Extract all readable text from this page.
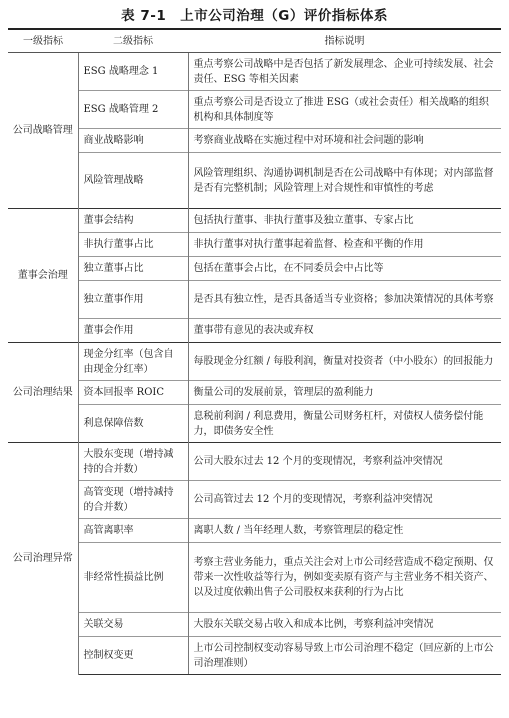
表 7-1 上市公司治理（G）评价指标体系
一级指标	二级指标	指标说明
公司战略管理	ESG 战略理念 1	重点考察公司战略中是否包括了新发展理念、企业可持续发展、社会责任、ESG 等相关因素
	ESG 战略管理 2	重点考察公司是否设立了推进 ESG（或社会责任）相关战略的组织机构和具体制度等
	商业战略影响	考察商业战略在实施过程中对环境和社会问题的影响
	风险管理战略	风险管理组织、沟通协调机制是否在公司战略中有体现；对内部监督是否有完整机制；风险管理上对合规性和审慎性的考虑
董事会治理	董事会结构	包括执行董事、非执行董事及独立董事、专家占比
	非执行董事占比	非执行董事对执行董事起着监督、检查和平衡的作用
	独立董事占比	包括在董事会占比，在不同委员会中占比等
	独立董事作用	是否具有独立性，是否具备适当专业资格；参加决策情况的具体考察
	董事会作用	董事带有意见的表决或弃权
公司治理结果	现金分红率（包含自由现金分红率）	每股现金分红额 / 每股利润，衡量对投资者（中小股东）的回报能力
	资本回报率 ROIC	衡量公司的发展前景，管理层的盈利能力
	利息保障倍数	息税前利润 / 利息费用，衡量公司财务杠杆，对债权人债务偿付能力，即债务安全性
公司治理异常	大股东变现（增持减持的合并数）	公司大股东过去 12 个月的变现情况，考察利益冲突情况
	高管变现（增持减持的合并数）	公司高管过去 12 个月的变现情况，考察利益冲突情况
	高管离职率	离职人数 / 当年经理人数，考察管理层的稳定性
	非经常性损益比例	考察主营业务能力，重点关注会对上市公司经营造成不稳定预期、仅带来一次性收益等行为，例如变卖原有资产与主营业务不相关资产、以及过度依赖出售子公司股权来获利的行为占比
	关联交易	大股东关联交易占收入和成本比例，考察利益冲突情况
	控制权变更	上市公司控制权变动容易导致上市公司治理不稳定（回应新的上市公司治理准则）
